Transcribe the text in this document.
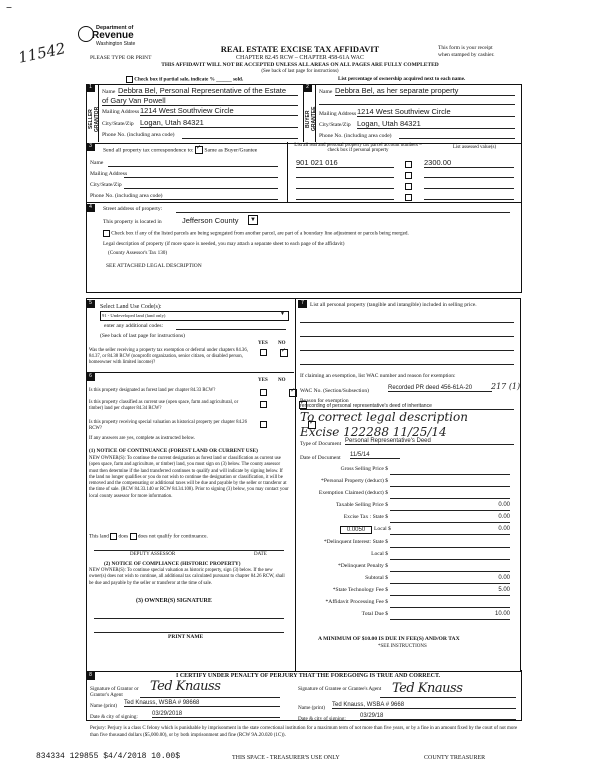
–
11542
Department of
Revenue
Washington State
PLEASE TYPE OR PRINT
REAL ESTATE EXCISE TAX AFFIDAVIT
CHAPTER 82.45 RCW – CHAPTER 458-61A WAC
THIS AFFIDAVIT WILL NOT BE ACCEPTED UNLESS ALL AREAS ON ALL PAGES ARE FULLY COMPLETED
(See back of last page for instructions)
This form is your receipt
when stamped by cashier.
Check box if partial sale, indicate % ______ sold.	List percentage of ownership acquired next to each name.
1
SELLER GRANTOR
Name Debbra Bel, Personal Representative of the Estate
of Gary Van Powell
Mailing Address 1214 West Southview Circle
City/State/Zip Logan, Utah 84321
Phone No. (including area code)
2
BUYER GRANTEE
Name Debbra Bel, as her separate property
Mailing Address 1214 West Southview Circle
City/State/Zip Logan, Utah 84321
Phone No. (including area code)
3
Send all property tax correspondence to: ✓ Same as Buyer/Grantee
Name
Mailing Address
City/State/Zip
Phone No. (including area code)
List all real and personal property tax parcel account numbers – check box if personal property
List assessed value(s)
901 021 016	2300.00
4	Street address of property:
This property is located in	Jefferson County	▼
Check box if any of the listed parcels are being segregated from another parcel, are part of a boundary line adjustment or parcels being merged.
Legal description of property (if more space is needed, you may attach a separate sheet to each page of the affidavit)
(County Assessor's Tax 130)
SEE ATTACHED LEGAL DESCRIPTION
5
Select Land Use Code(s):
91 - Undeveloped land (land only)	▼
enter any additional codes:
(See back of last page for instructions)
YES NO
Was the seller receiving a property tax exemption or deferral under chapters 84.36, 84.37, or 84.38 RCW (nonprofit organization, senior citizen, or disabled person, homeowner with limited income)?
✓
6
YES NO
Is this property designated as forest land per chapter 84.33 RCW?
✓
Is this property classified as current use (open space, farm and agricultural, or timber) land per chapter 84.34 RCW?
✓
Is this property receiving special valuation as historical property per chapter 84.26 RCW?
✓
If any answers are yes, complete as instructed below.
(1) NOTICE OF CONTINUANCE (FOREST LAND OR CURRENT USE)
NEW OWNER(S): To continue the current designation as forest land or classification as current use (open space, farm and agriculture, or timber) land, you must sign on (3) below. The county assessor must then determine if the land transferred continues to qualify and will indicate by signing below. If the land no longer qualifies or you do not wish to continue the designation or classification, it will be removed and the compensating or additional taxes will be due and payable by the seller or transferor at the time of sale. (RCW 84.33.140 or RCW 84.34.108). Prior to signing (3) below, you may contact your local county assessor for more information.
This land does does not qualify for continuance.
DEPUTY ASSESSOR	DATE
(2) NOTICE OF COMPLIANCE (HISTORIC PROPERTY)
NEW OWNER(S): To continue special valuation as historic property, sign (3) below. If the new owner(s) does not wish to continue, all additional tax calculated pursuant to chapter 84.26 RCW, shall be due and payable by the seller or transferor at the time of sale.
(3) OWNER(S) SIGNATURE
PRINT NAME
7	List all personal property (tangible and intangible) included in selling price.
If claiming an exemption, list WAC number and reason for exemption:
WAC No. (Section/Subsection)	Recorded PR deed 456-61A-20	217 (1)
Reason for exemption
rerecording of personal representative's deed of inheritance
To correct legal description
Excise 122288 11/25/14
Type of Document Personal Representative's Deed
Date of Document 11/5/14
Gross Selling Price $
*Personal Property (deduct) $
Exemption Claimed (deduct) $
Taxable Selling Price $	0.00
Excise Tax : State $	0.00
0.0050	Local $	0.00
*Delinquent Interest: State $
Local $
*Delinquent Penalty $
Subtotal $	0.00
*State Technology Fee $	5.00
*Affidavit Processing Fee $
Total Due $	10.00
A MINIMUM OF $10.00 IS DUE IN FEE(S) AND/OR TAX
*SEE INSTRUCTIONS
8	I CERTIFY UNDER PENALTY OF PERJURY THAT THE FOREGOING IS TRUE AND CORRECT.
Signature of Grantor or Grantor's Agent
Ted Knauss
Name (print) Ted Knauss, WSBA # 98668
Date & city of signing: 03/29/2018
Signature of Grantee or Grantee's Agent Ted Knauss
Name (print) Ted Knauss, WSBA # 9668
Date & city of signing: 03/29/18
Perjury: Perjury is a class C felony which is punishable by imprisonment in the state correctional institution for a maximum term of not more than five years, or by a fine in an amount fixed by the court of not more than five thousand dollars ($5,000.00), or by both imprisonment and fine (RCW 9A.20.020 (1C)).
834334 129855 $4/4/2018 10.00$	THIS SPACE - TREASURER'S USE ONLY	COUNTY TREASURER
